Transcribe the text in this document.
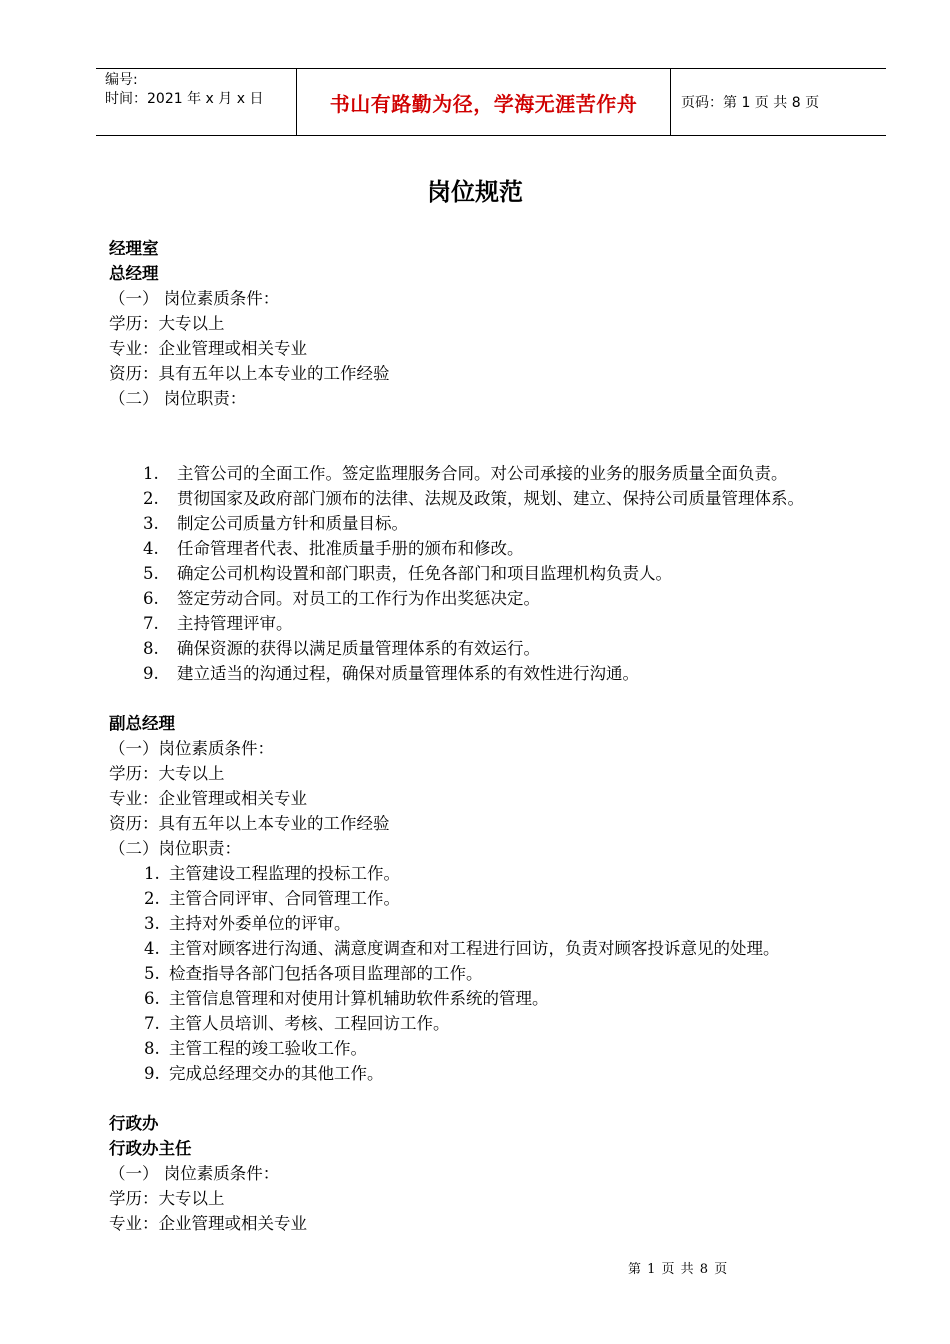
编号:
时间：2021 年 x 月 x 日	书山有路勤为径，学海无涯苦作舟	页码：第 1 页 共 8 页
岗位规范
经理室
总经理
（一） 岗位素质条件：
学历：大专以上
专业：企业管理或相关专业
资历：具有五年以上本专业的工作经验
（二） 岗位职责：
1.	主管公司的全面工作。签定监理服务合同。对公司承接的业务的服务质量全面负责。
2.	贯彻国家及政府部门颁布的法律、法规及政策，规划、建立、保持公司质量管理体系。
3.	制定公司质量方针和质量目标。
4.	任命管理者代表、批准质量手册的颁布和修改。
5.	确定公司机构设置和部门职责，任免各部门和项目监理机构负责人。
6.	签定劳动合同。对员工的工作行为作出奖惩决定。
7.	主持管理评审。
8.	确保资源的获得以满足质量管理体系的有效运行。
9.	建立适当的沟通过程，确保对质量管理体系的有效性进行沟通。
副总经理
（一）岗位素质条件：
学历：大专以上
专业：企业管理或相关专业
资历：具有五年以上本专业的工作经验
（二）岗位职责：
1. 主管建设工程监理的投标工作。
2. 主管合同评审、合同管理工作。
3. 主持对外委单位的评审。
4. 主管对顾客进行沟通、满意度调查和对工程进行回访，负责对顾客投诉意见的处理。
5. 检查指导各部门包括各项目监理部的工作。
6. 主管信息管理和对使用计算机辅助软件系统的管理。
7. 主管人员培训、考核、工程回访工作。
8. 主管工程的竣工验收工作。
9. 完成总经理交办的其他工作。
行政办
行政办主任
（一） 岗位素质条件：
学历：大专以上
专业：企业管理或相关专业
第 1 页 共 8 页
